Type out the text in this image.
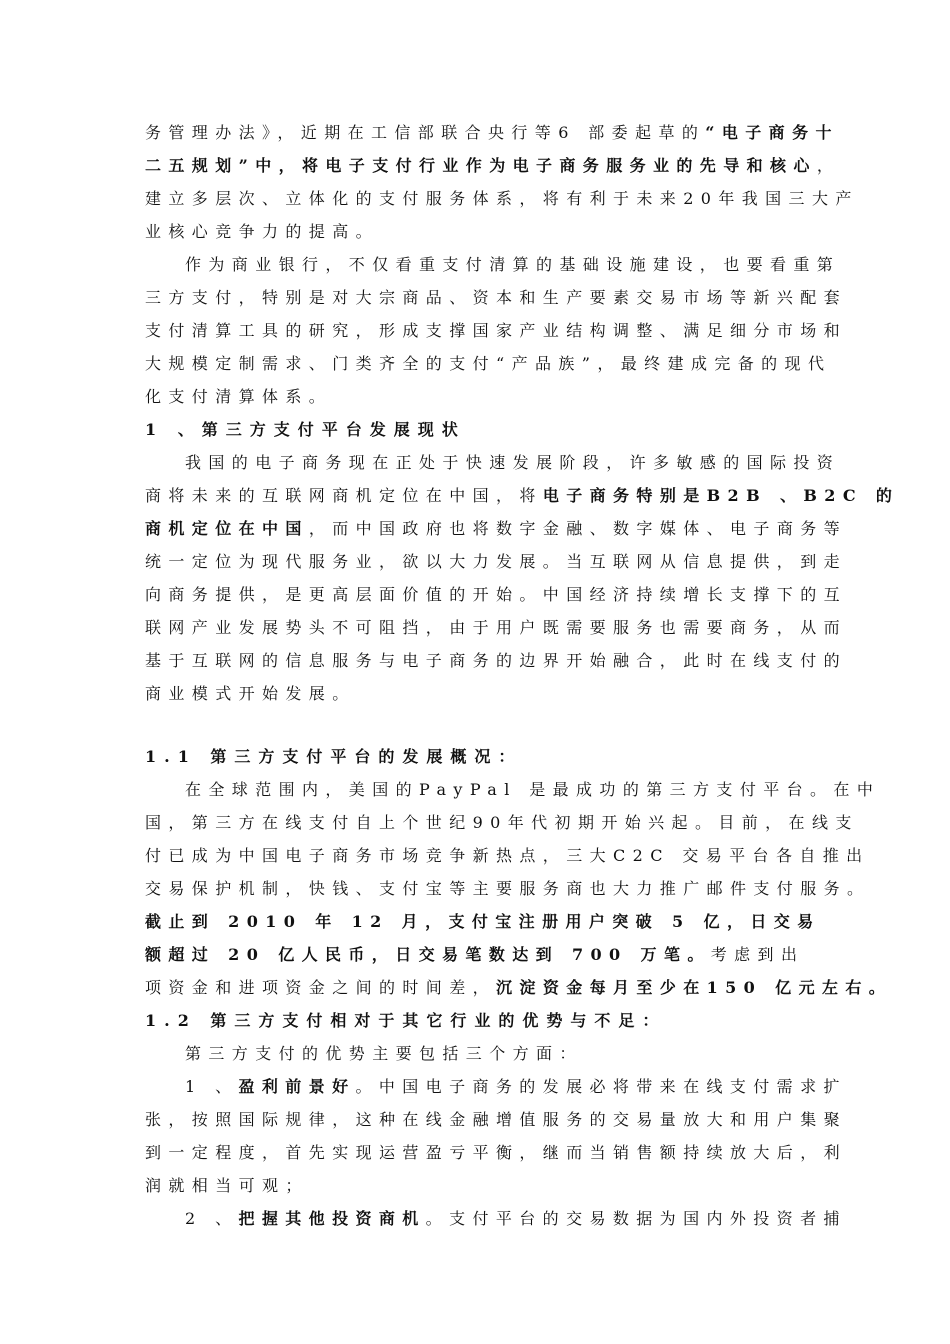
务管理办法》，近期在工信部联合央行等6 部委起草的“电子商务十
二五规划”中，将电子支付行业作为电子商务服务业的先导和核心，
建立多层次、立体化的支付服务体系，将有利于未来20年我国三大产
业核心竞争力的提高。
作为商业银行，不仅看重支付清算的基础设施建设，也要看重第
三方支付，特别是对大宗商品、资本和生产要素交易市场等新兴配套
支付清算工具的研究，形成支撑国家产业结构调整、满足细分市场和
大规模定制需求、门类齐全的支付“产品族”，最终建成完备的现代
化支付清算体系。
1 、第三方支付平台发展现状
我国的电子商务现在正处于快速发展阶段，许多敏感的国际投资
商将未来的互联网商机定位在中国，将电子商务特别是B2B 、B2C 的
商机定位在中国，而中国政府也将数字金融、数字媒体、电子商务等
统一定位为现代服务业，欲以大力发展。当互联网从信息提供，到走
向商务提供，是更高层面价值的开始。中国经济持续增长支撑下的互
联网产业发展势头不可阻挡，由于用户既需要服务也需要商务，从而
基于互联网的信息服务与电子商务的边界开始融合，此时在线支付的
商业模式开始发展。
1.1 第三方支付平台的发展概况：
在全球范围内，美国的PayPal 是最成功的第三方支付平台。在中
国，第三方在线支付自上个世纪90年代初期开始兴起。目前，在线支
付已成为中国电子商务市场竞争新热点，三大C2C 交易平台各自推出
交易保护机制，快钱、支付宝等主要服务商也大力推广邮件支付服务。
截止到 2010 年 12 月，支付宝注册用户突破 5 亿，日交易
额超过 20 亿人民币，日交易笔数达到 700 万笔。考虑到出
项资金和进项资金之间的时间差，沉淀资金每月至少在150 亿元左右。
1.2 第三方支付相对于其它行业的优势与不足：
第三方支付的优势主要包括三个方面：
1 、盈利前景好。中国电子商务的发展必将带来在线支付需求扩
张，按照国际规律，这种在线金融增值服务的交易量放大和用户集聚
到一定程度，首先实现运营盈亏平衡，继而当销售额持续放大后，利
润就相当可观；
2 、把握其他投资商机。支付平台的交易数据为国内外投资者捕
